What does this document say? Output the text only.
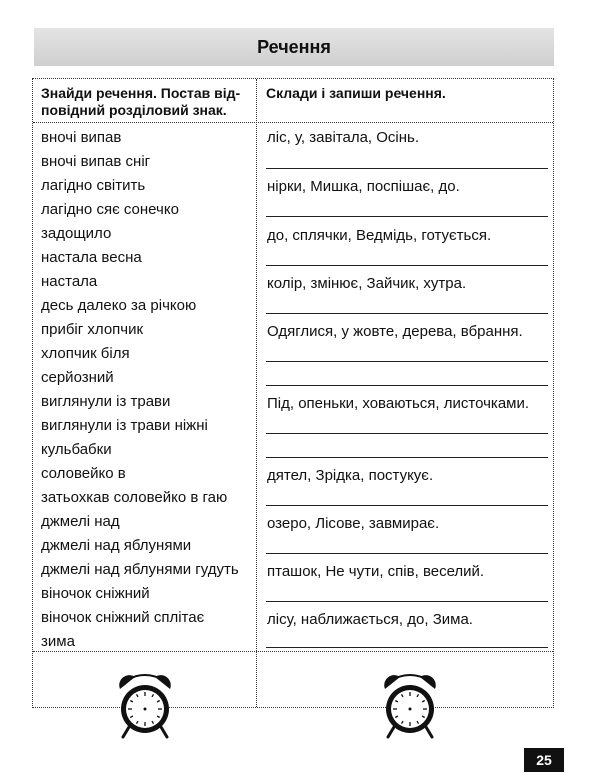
Речення
Знайди речення. Постав від-
повідний розділовий знак.
Склади і запиши речення.
вночі випав
вночі випав сніг
лагідно світить
лагідно сяє сонечко
задощило
настала весна
настала
десь далеко за річкою
прибіг хлопчик
хлопчик біля
серйозний
виглянули із трави
виглянули із трави ніжні
кульбабки
соловейко в
затьохкав соловейко в гаю
джмелі над
джмелі над яблунями
джмелі над яблунями гудуть
віночок сніжний
віночок сніжний сплітає
зима
ліс, у, завітала, Осінь.
нірки, Мишка, поспішає, до.
до, сплячки, Ведмідь, готується.
колір, змінює, Зайчик, хутра.
Одяглися, у жовте, дерева, вбрання.
Під, опеньки, ховаються, листочками.
дятел, Зрідка, постукує.
озеро, Лісове, завмирає.
пташок, Не чути, спів, веселий.
лісу, наближається, до, Зима.
25
